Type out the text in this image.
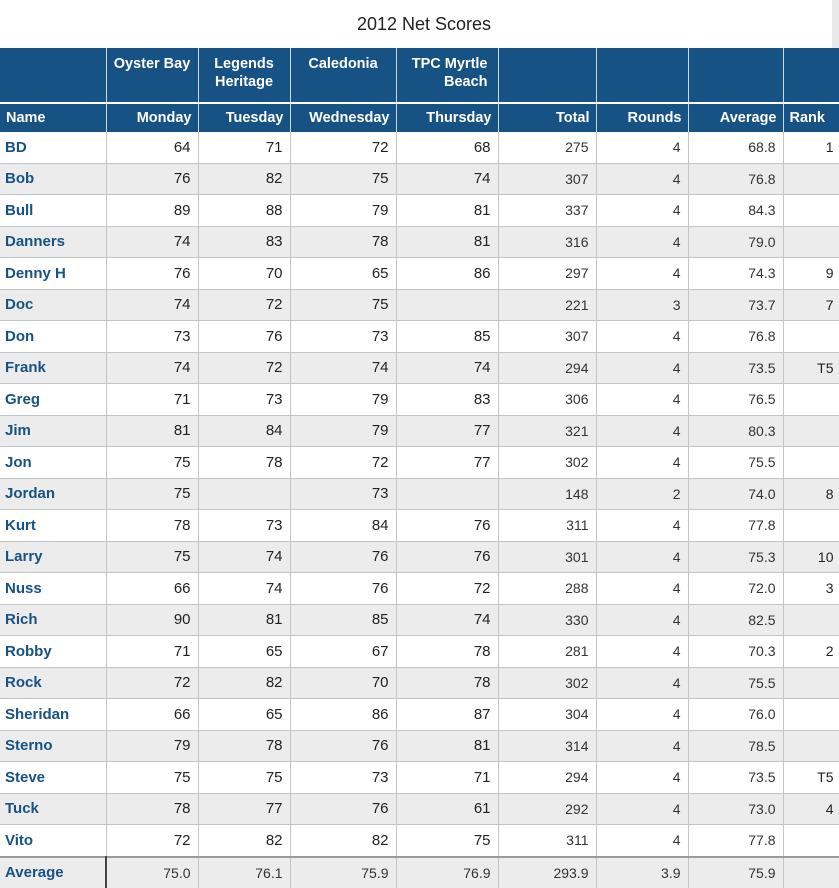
2012 Net Scores
	Oyster Bay	Legends Heritage	Caledonia	TPC Myrtle Beach				
Name	Monday	Tuesday	Wednesday	Thursday	Total	Rounds	Average	Rank
BD	64	71	72	68	275	4	68.8	1
Bob	76	82	75	74	307	4	76.8	
Bull	89	88	79	81	337	4	84.3	
Danners	74	83	78	81	316	4	79.0	
Denny H	76	70	65	86	297	4	74.3	9
Doc	74	72	75		221	3	73.7	7
Don	73	76	73	85	307	4	76.8	
Frank	74	72	74	74	294	4	73.5	T5
Greg	71	73	79	83	306	4	76.5	
Jim	81	84	79	77	321	4	80.3	
Jon	75	78	72	77	302	4	75.5	
Jordan	75		73		148	2	74.0	8
Kurt	78	73	84	76	311	4	77.8	
Larry	75	74	76	76	301	4	75.3	10
Nuss	66	74	76	72	288	4	72.0	3
Rich	90	81	85	74	330	4	82.5	
Robby	71	65	67	78	281	4	70.3	2
Rock	72	82	70	78	302	4	75.5	
Sheridan	66	65	86	87	304	4	76.0	
Sterno	79	78	76	81	314	4	78.5	
Steve	75	75	73	71	294	4	73.5	T5
Tuck	78	77	76	61	292	4	73.0	4
Vito	72	82	82	75	311	4	77.8	
Average	75.0	76.1	75.9	76.9	293.9	3.9	75.9	
